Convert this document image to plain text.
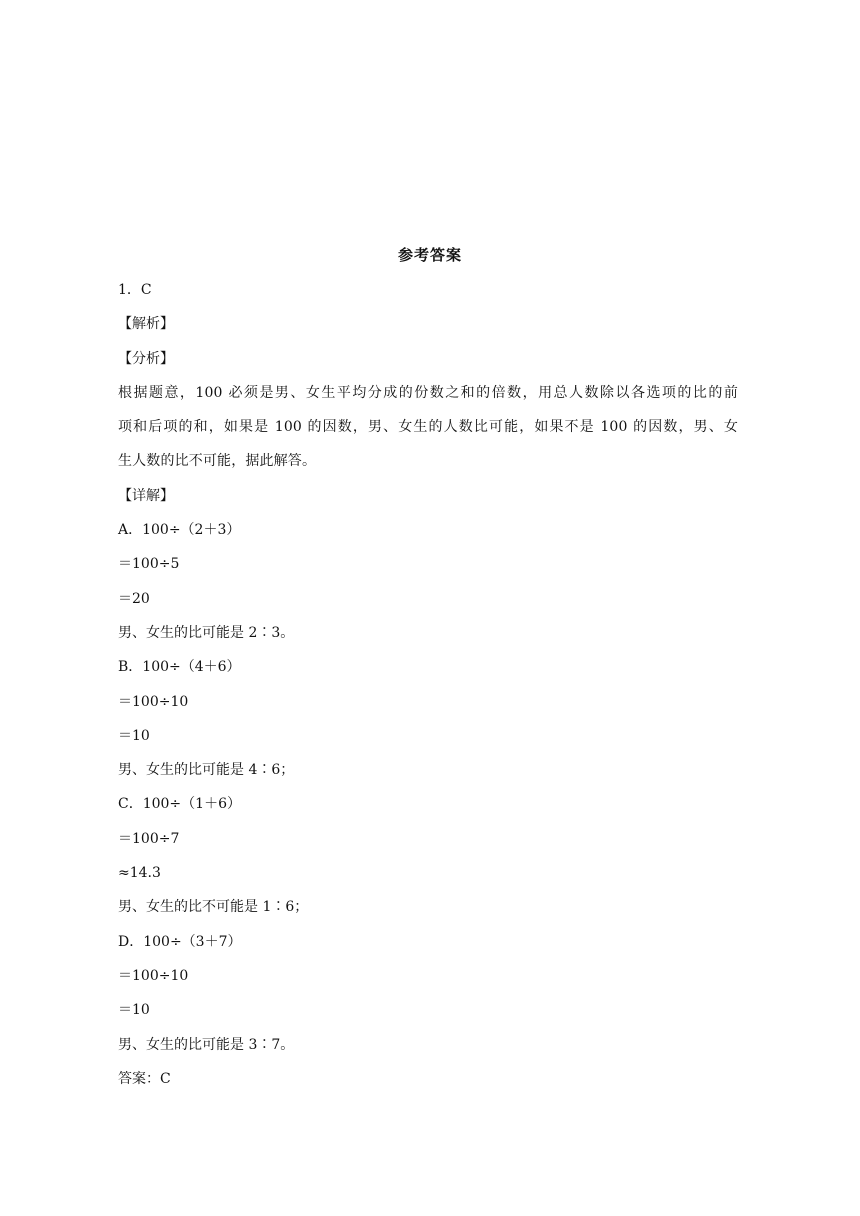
参考答案
1．C
【解析】
【分析】
根据题意，100 必须是男、女生平均分成的份数之和的倍数，用总人数除以各选项的比的前
项和后项的和，如果是 100 的因数，男、女生的人数比可能，如果不是 100 的因数，男、女
生人数的比不可能，据此解答。
【详解】
A．100÷（2＋3）
＝100÷5
＝20
男、女生的比可能是 2∶3。
B．100÷（4＋6）
＝100÷10
＝10
男、女生的比可能是 4∶6；
C．100÷（1＋6）
＝100÷7
≈14.3
男、女生的比不可能是 1∶6；
D．100÷（3＋7）
＝100÷10
＝10
男、女生的比可能是 3∶7。
答案：C
